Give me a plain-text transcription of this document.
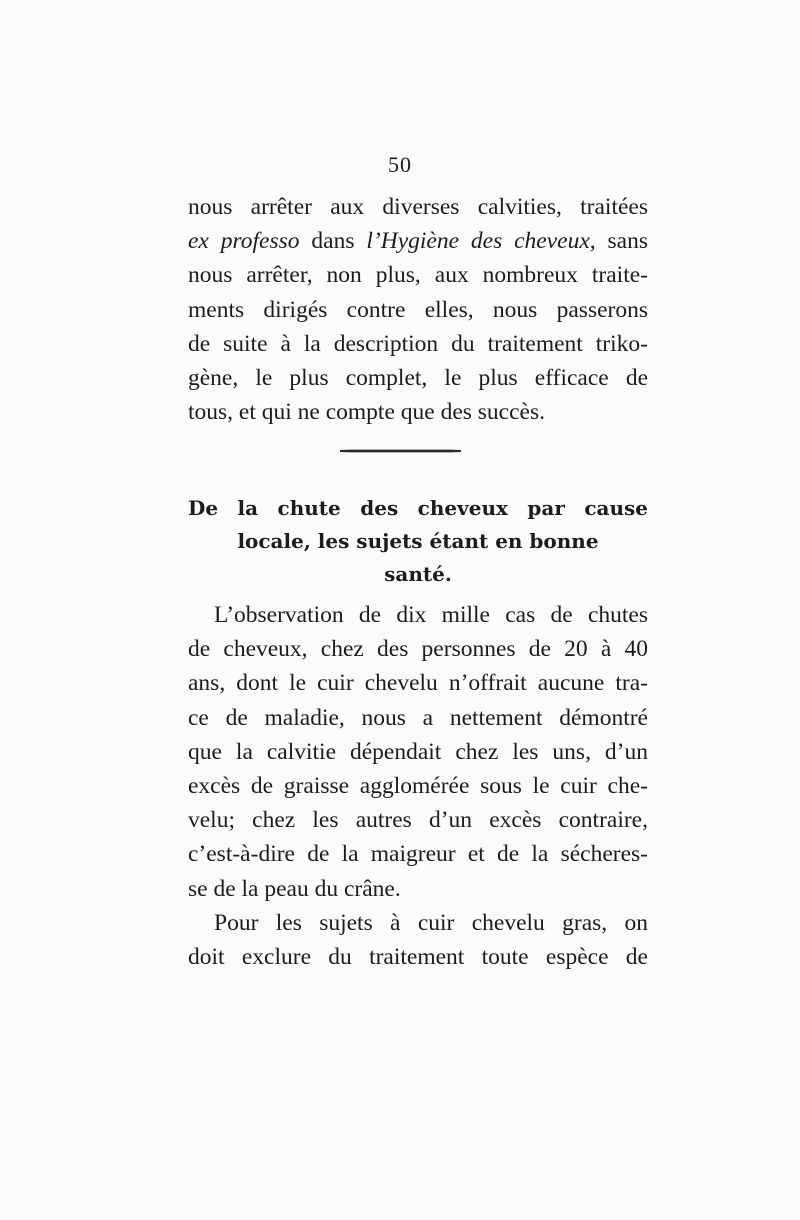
50
nous arrêter aux diverses calvities, traitées
ex professo dans l’Hygiène des cheveux, sans
nous arrêter, non plus, aux nombreux traite-
ments dirigés contre elles, nous passerons
de suite à la description du traitement triko-
gène, le plus complet, le plus efficace de
tous, et qui ne compte que des succès.
De la chute des cheveux par cause
locale, les sujets étant en bonne
santé.
L’observation de dix mille cas de chutes
de cheveux, chez des personnes de 20 à 40
ans, dont le cuir chevelu n’offrait aucune tra-
ce de maladie, nous a nettement démontré
que la calvitie dépendait chez les uns, d’un
excès de graisse agglomérée sous le cuir che-
velu; chez les autres d’un excès contraire,
c’est-à-dire de la maigreur et de la sécheres-
se de la peau du crâne.
Pour les sujets à cuir chevelu gras, on
doit exclure du traitement toute espèce de
